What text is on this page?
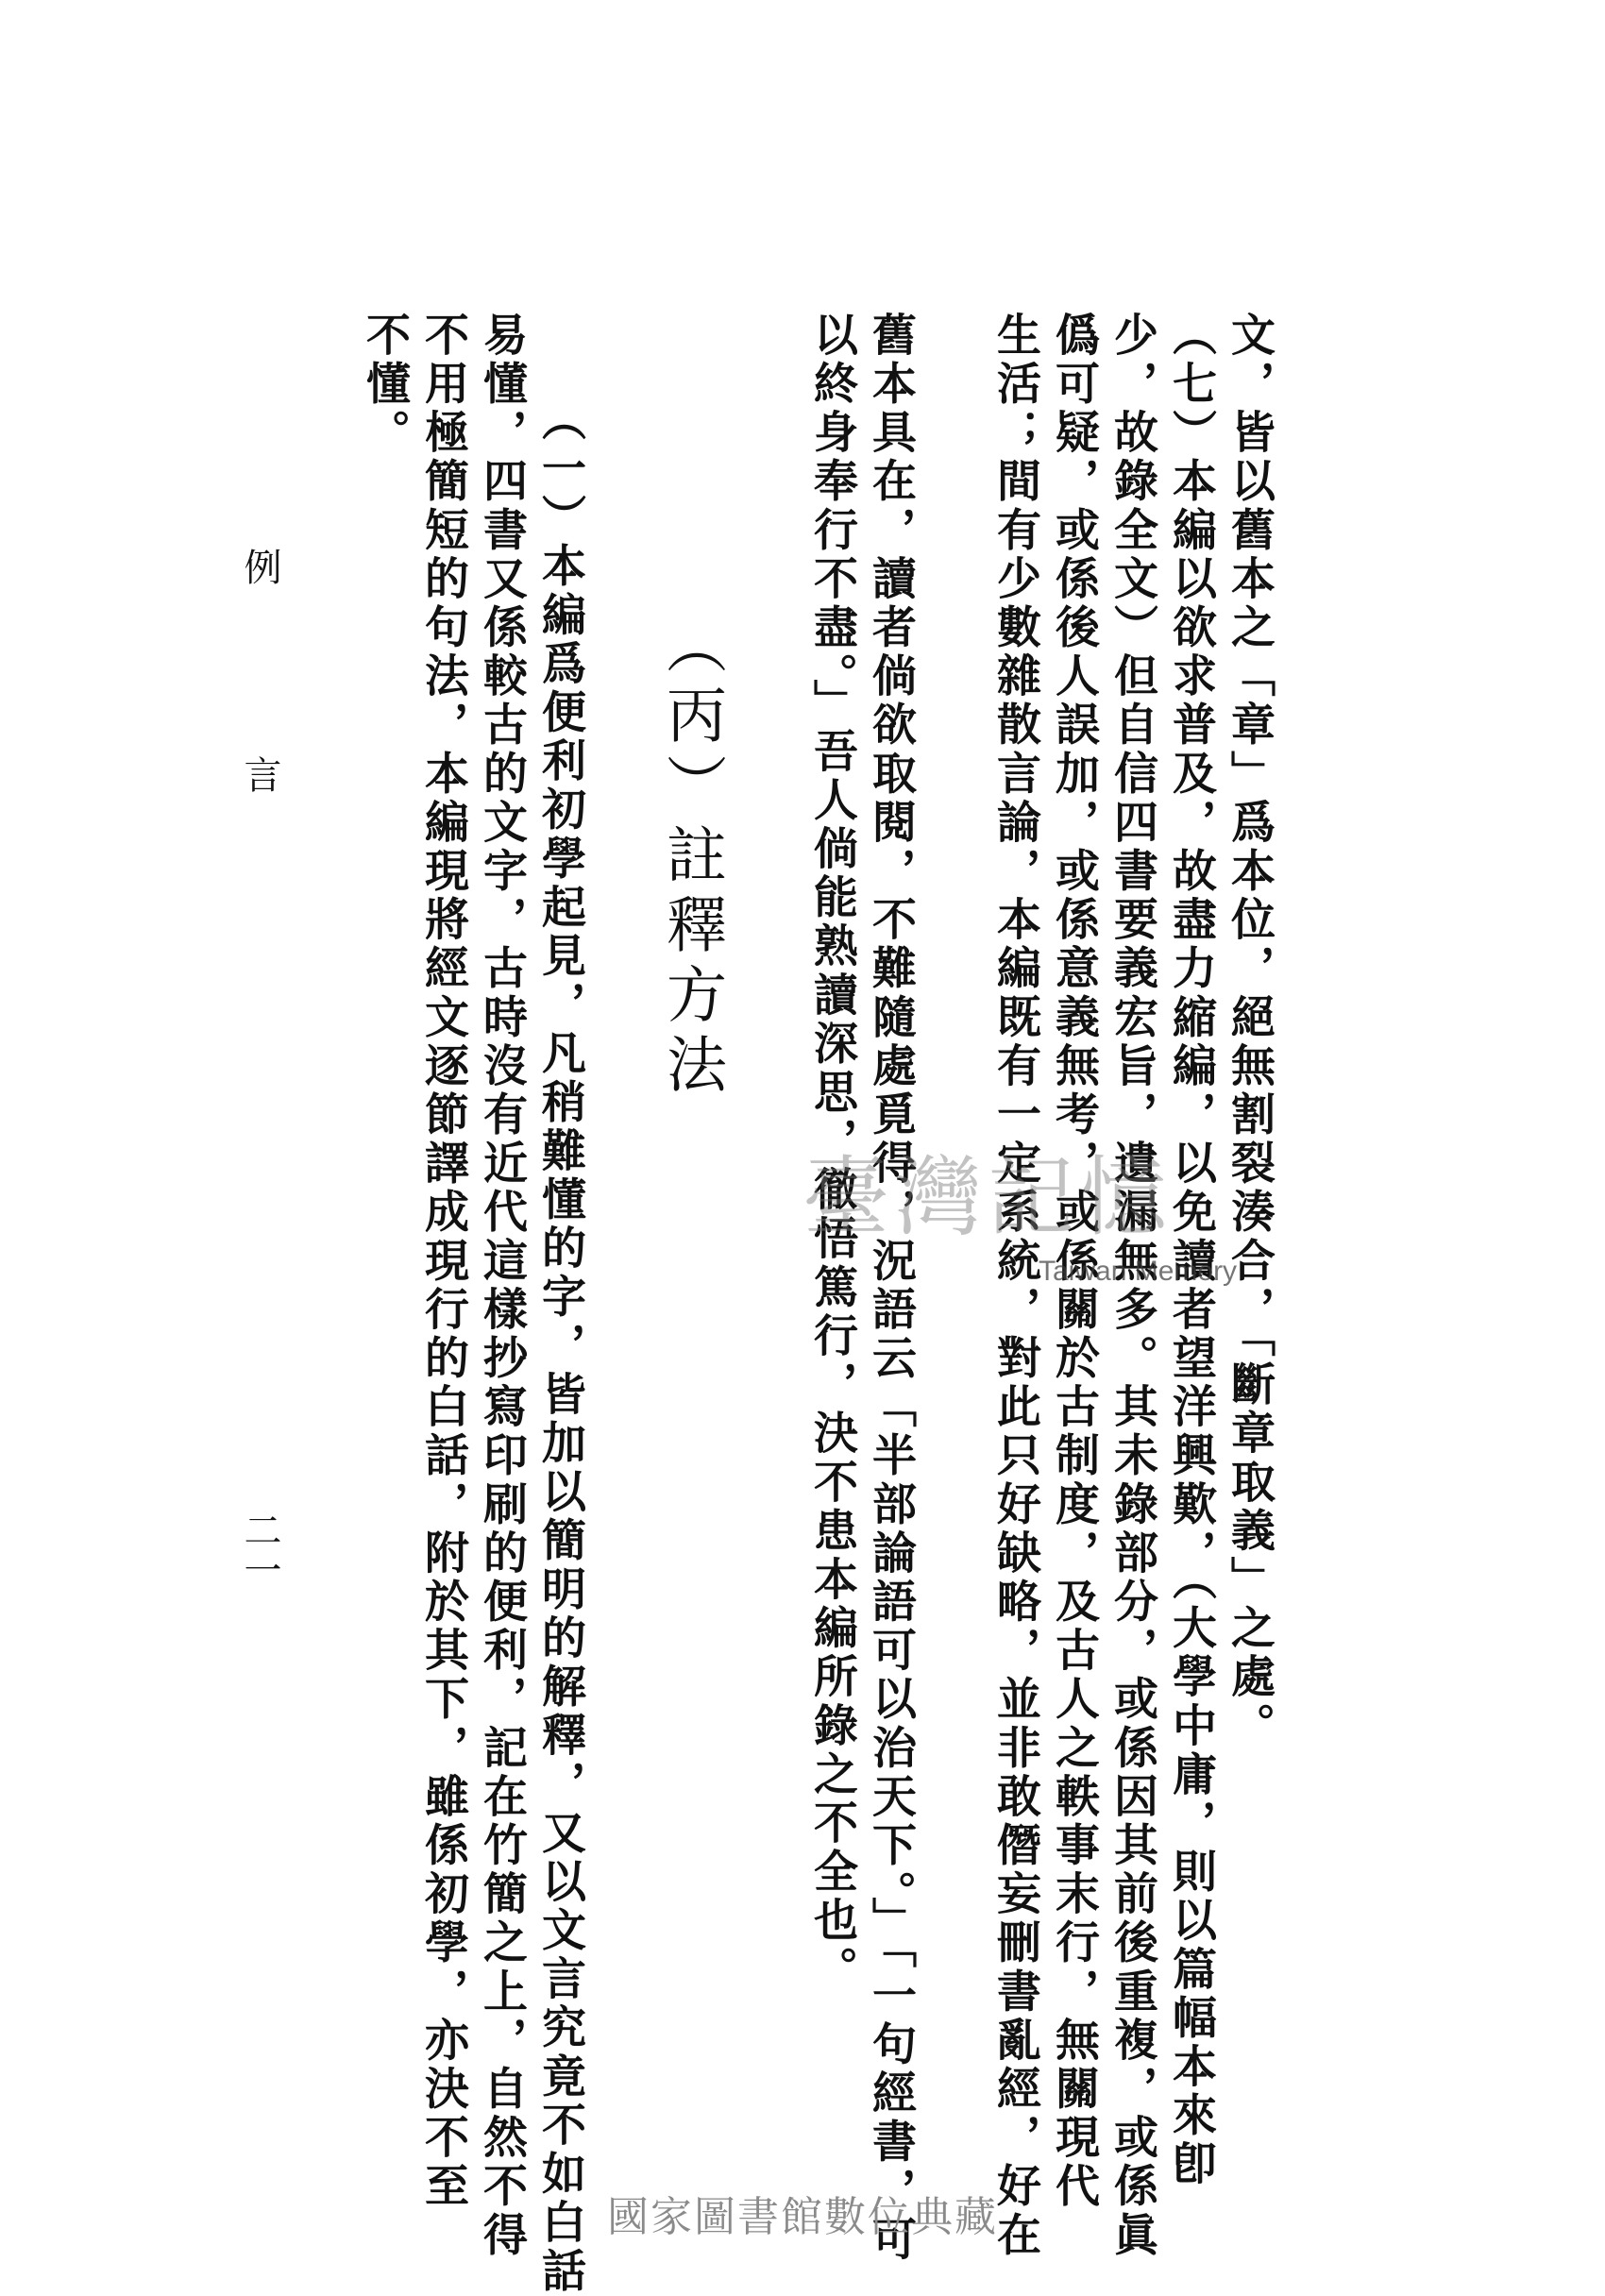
文，皆以舊本之「章」爲本位，絕無割裂湊合，「斷章取義」之處。
（七）本編以欲求普及，故盡力縮編，以免讀者望洋興歎，（大學中庸，則以篇幅本來卽
少，故錄全文）但自信四書要義宏旨，遺漏無多。其未錄部分，或係因其前後重複，或係眞
僞可疑，或係後人誤加，或係意義無考，或係關於古制度，及古人之軼事末行，無關現代
生活；間有少數雜散言論，本編既有一定系統，對此只好缺略，並非敢僭妄刪書亂經，好在
舊本具在，讀者倘欲取閱，不難隨處覓得，況語云「半部論語可以治天下。」「一句經書，可
以終身奉行不盡。」吾人倘能熟讀深思，徹悟篤行，決不患本編所錄之不全也。
（丙）註釋方法
（一）本編爲便利初學起見，凡稍難懂的字，皆加以簡明的解釋，又以文言究竟不如白話
易懂，四書又係較古的文字，古時沒有近代這樣抄寫印刷的便利，記在竹簡之上，自然不得
不用極簡短的句法，本編現將經文逐節譯成現行的白話，附於其下，雖係初學，亦決不至
不懂。
例　言
二一
臺灣記憶
Taiwan Memory
國家圖書館數位典藏
